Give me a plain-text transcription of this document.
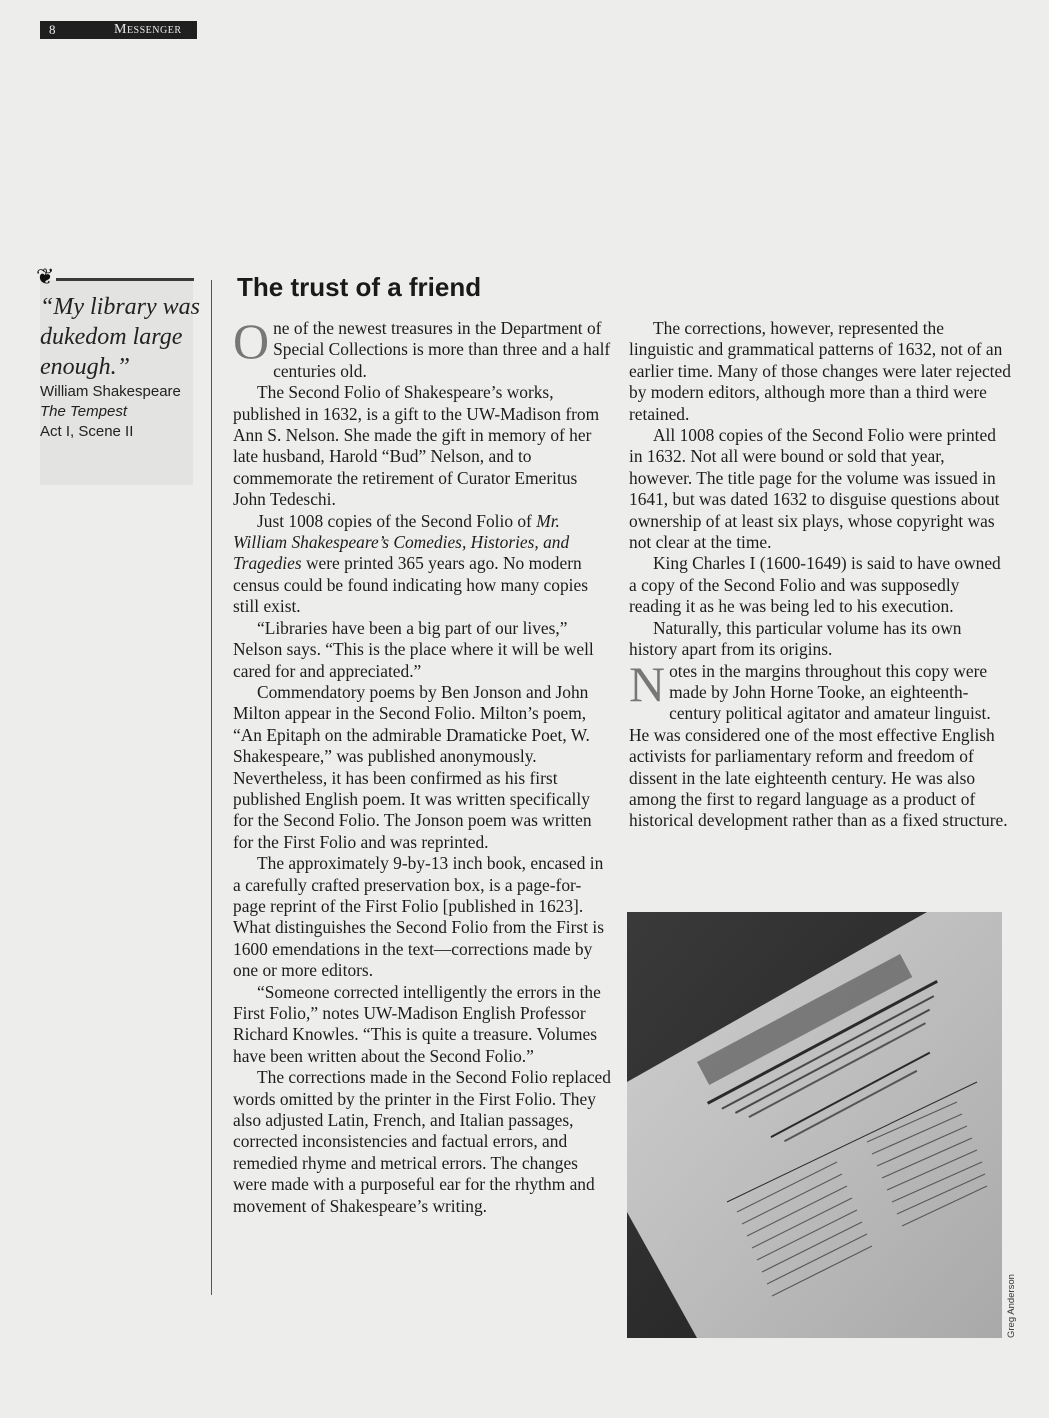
8	Messenger
❦
“My library was dukedom large enough.”
William Shakespeare
The Tempest
Act I, Scene II
The trust of a friend

One of the newest treasures in the Department of Special Collections is more than three and a half centuries old.

The Second Folio of Shakespeare’s works, published in 1632, is a gift to the UW-Madison from Ann S. Nelson. She made the gift in memory of her late husband, Harold “Bud” Nelson, and to commemorate the retirement of Curator Emeritus John Tedeschi.

Just 1008 copies of the Second Folio of Mr. William Shakespeare’s Comedies, Histories, and Tragedies were printed 365 years ago. No modern census could be found indicating how many copies still exist.

“Libraries have been a big part of our lives,” Nelson says. “This is the place where it will be well cared for and appreciated.”

Commendatory poems by Ben Jonson and John Milton appear in the Second Folio. Milton’s poem, “An Epitaph on the admirable Dramaticke Poet, W. Shakespeare,” was published anonymously. Nevertheless, it has been confirmed as his first published English poem. It was written specifically for the Second Folio. The Jonson poem was written for the First Folio and was reprinted.

The approximately 9-by-13 inch book, encased in a carefully crafted preservation box, is a page-for-page reprint of the First Folio [published in 1623]. What distinguishes the Second Folio from the First is 1600 emendations in the text—corrections made by one or more editors.

“Someone corrected intelligently the errors in the First Folio,” notes UW-Madison English Professor Richard Knowles. “This is quite a treasure. Volumes have been written about the Second Folio.”

The corrections made in the Second Folio replaced words omitted by the printer in the First Folio. They also adjusted Latin, French, and Italian passages, corrected inconsistencies and factual errors, and remedied rhyme and metrical errors. The changes were made with a purposeful ear for the rhythm and movement of Shakespeare’s writing.

The corrections, however, represented the linguistic and grammatical patterns of 1632, not of an earlier time. Many of those changes were later rejected by modern editors, although more than a third were retained.

All 1008 copies of the Second Folio were printed in 1632. Not all were bound or sold that year, however. The title page for the volume was issued in 1641, but was dated 1632 to disguise questions about ownership of at least six plays, whose copyright was not clear at the time.

King Charles I (1600-1649) is said to have owned a copy of the Second Folio and was supposedly reading it as he was being led to his execution.

Naturally, this particular volume has its own history apart from its origins.

Notes in the margins throughout this copy were made by John Horne Tooke, an eighteenth-century political agitator and amateur linguist. He was considered one of the most effective English activists for parliamentary reform and freedom of dissent in the late eighteenth century. He was also among the first to regard language as a product of historical development rather than as a fixed structure.

Greg Anderson
